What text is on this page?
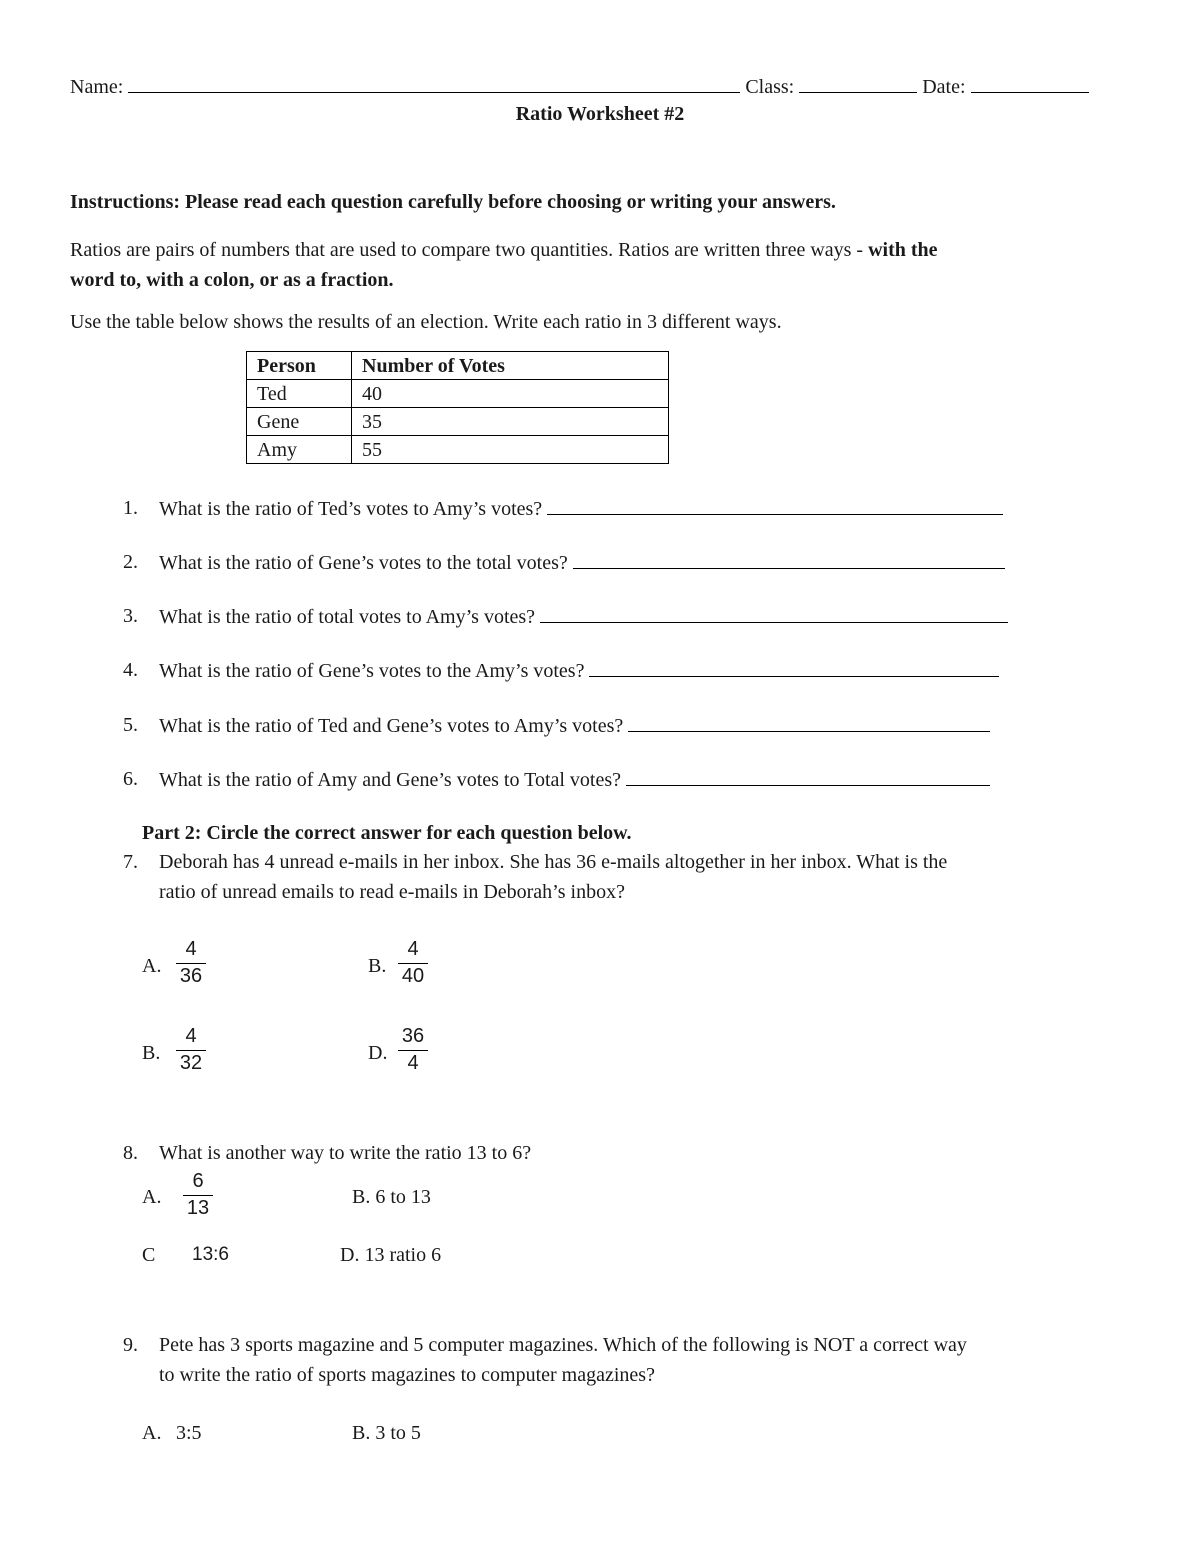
Name:	Class:	Date:
Ratio Worksheet #2
Instructions: Please read each question carefully before choosing or writing your answers.
Ratios are pairs of numbers that are used to compare two quantities. Ratios are written three ways - with the
word to, with a colon, or as a fraction.
Use the table below shows the results of an election. Write each ratio in 3 different ways.
Person	Number of Votes
Ted	40
Gene	35
Amy	55
1. What is the ratio of Ted’s votes to Amy’s votes?
2. What is the ratio of Gene’s votes to the total votes?
3. What is the ratio of total votes to Amy’s votes?
4. What is the ratio of Gene’s votes to the Amy’s votes?
5. What is the ratio of Ted and Gene’s votes to Amy’s votes?
6. What is the ratio of Amy and Gene’s votes to Total votes?
Part 2: Circle the correct answer for each question below.
7. Deborah has 4 unread e-mails in her inbox. She has 36 e-mails altogether in her inbox. What is the
ratio of unread emails to read e-mails in Deborah’s inbox?
A.
4
36	B.
4
40
B.
4
32	D.
36
4
8. What is another way to write the ratio 13 to 6?
A.
6
13	B. 6 to 13
C 13:6	D. 13 ratio 6
9. Pete has 3 sports magazine and 5 computer magazines. Which of the following is NOT a correct way
to write the ratio of sports magazines to computer magazines?
A. 3:5	B. 3 to 5
